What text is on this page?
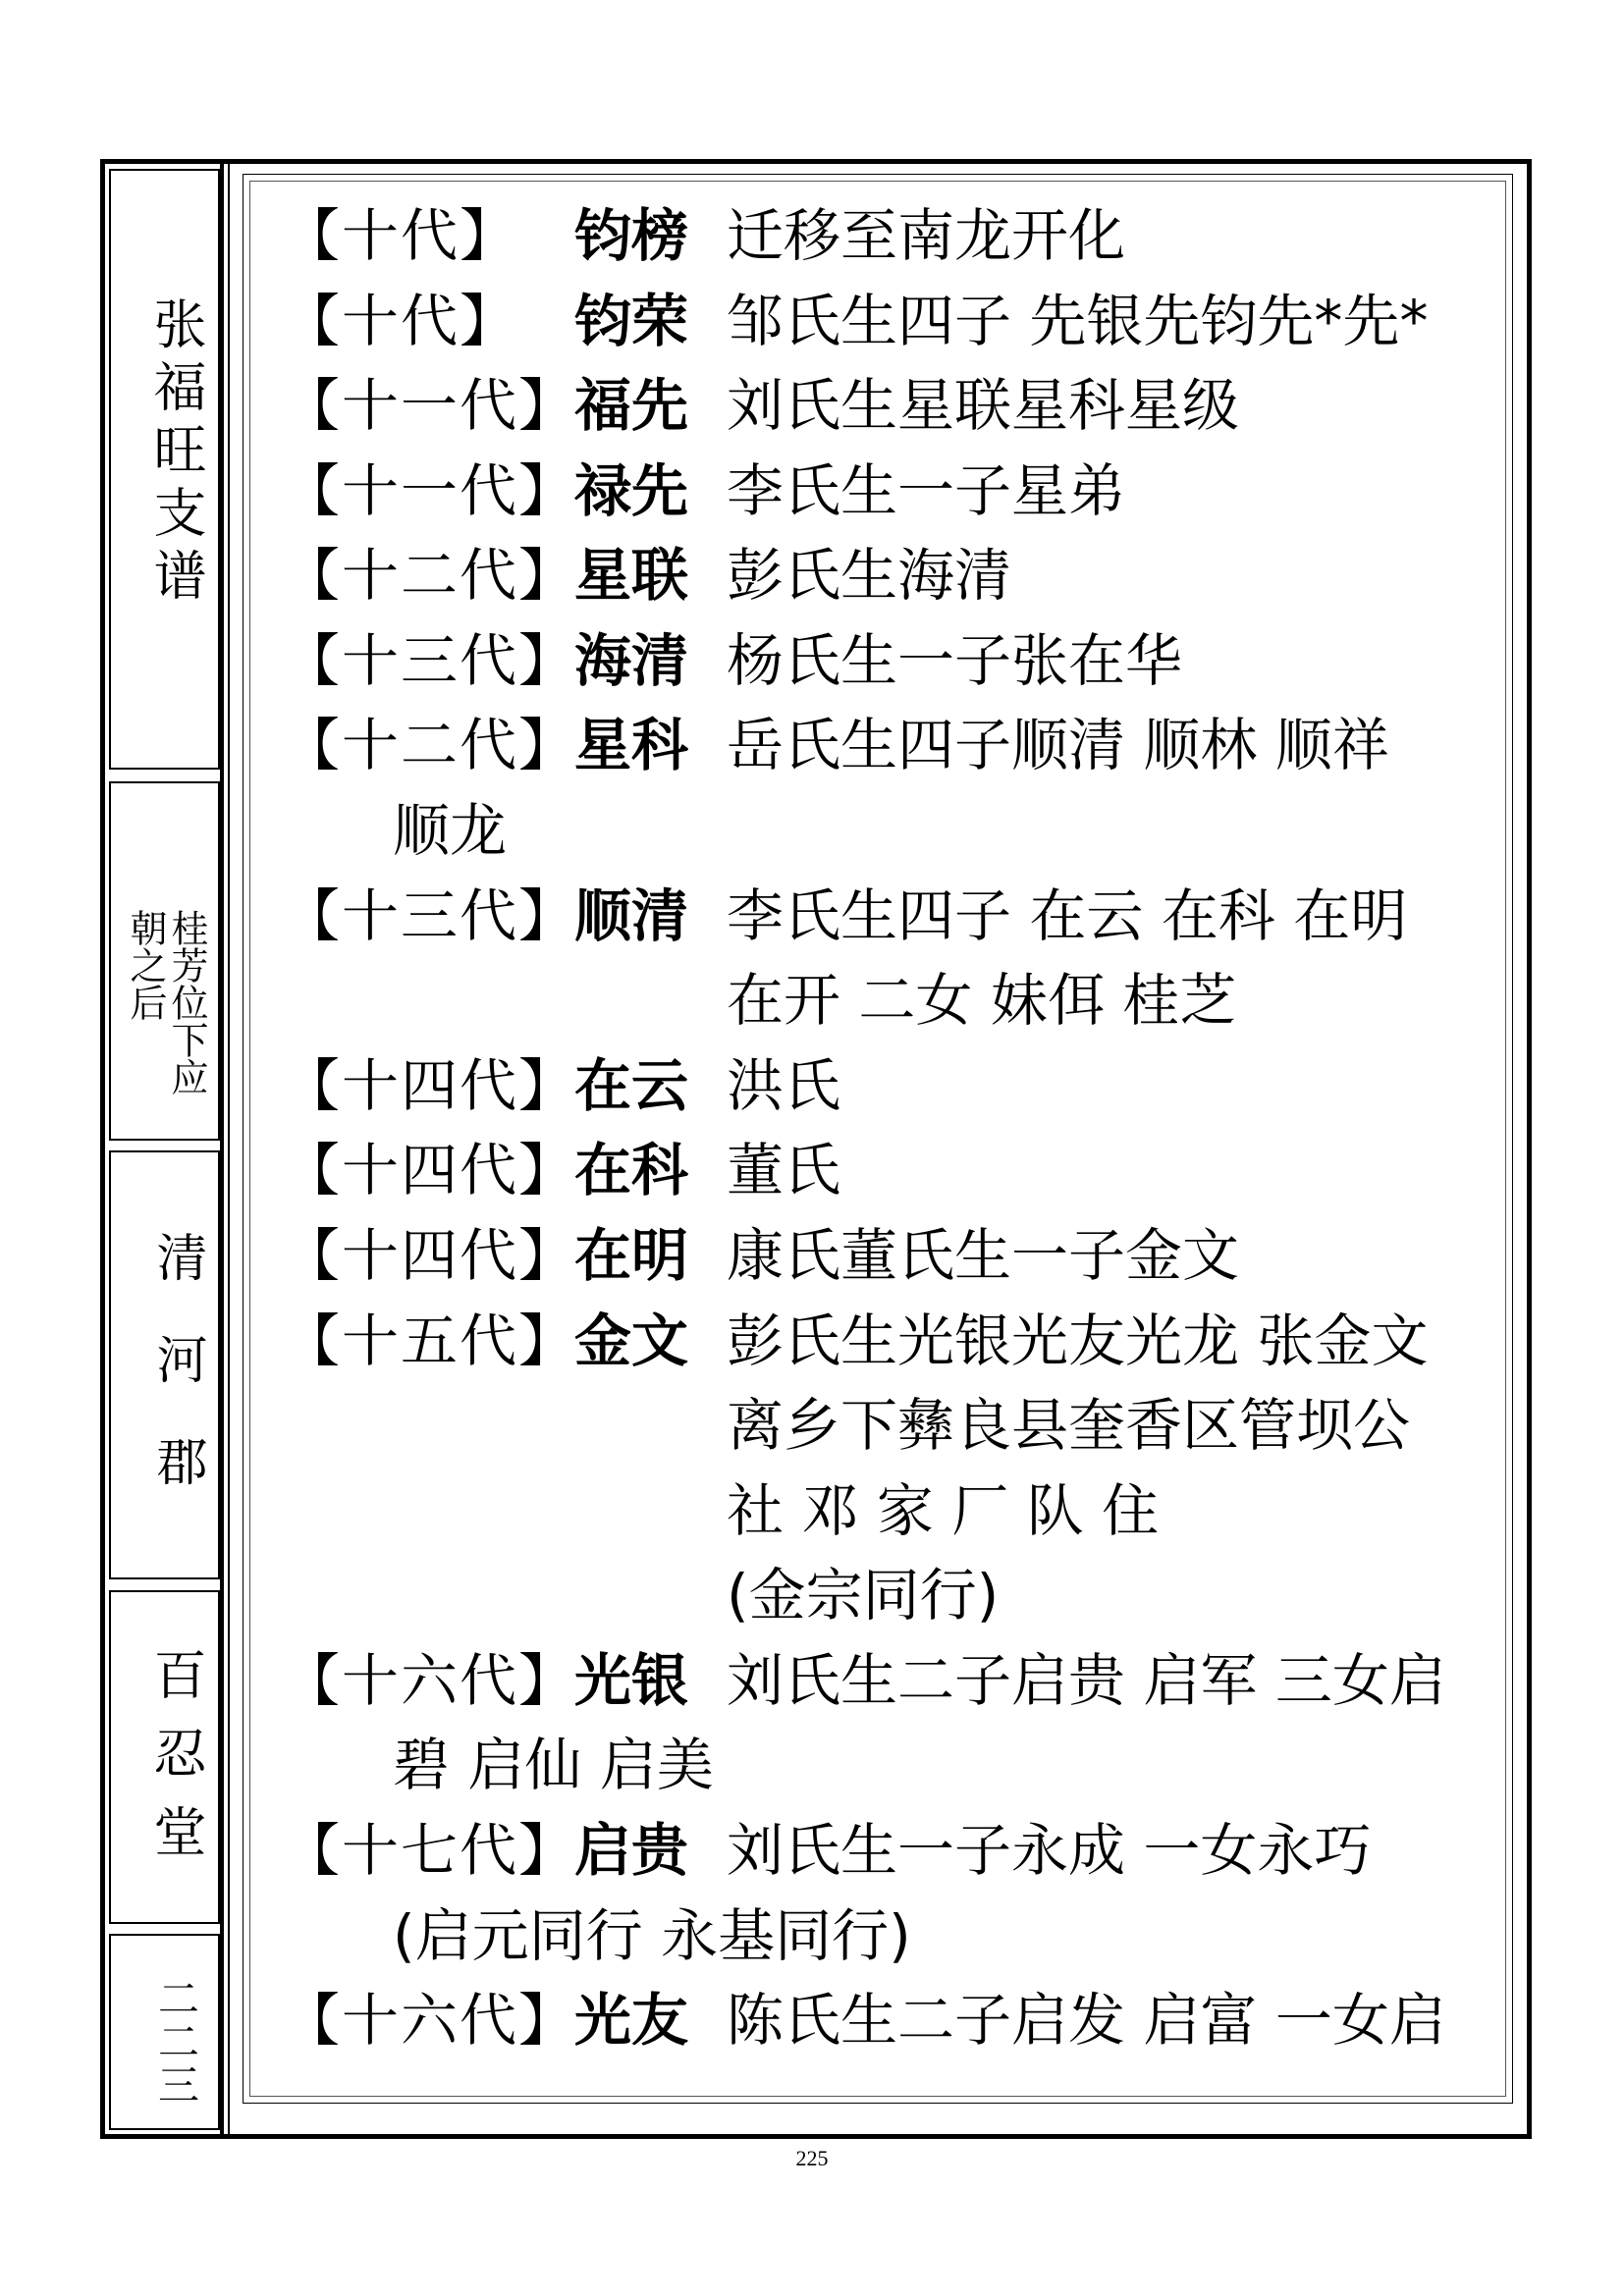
张福旺支谱
桂芳位下应朝之后
清河郡
百忍堂
二二三
【十代】 钧榜 迁移至南龙开化
【十代】 钧荣 邹氏生四子 先银先钧先*先*
【十一代】
福先 刘氏生星联星科星级
【十一代】
禄先 李氏生一子星弟
【十二代】
星联 彭氏生海清
【十三代】
海清 杨氏生一子张在华
【十二代】
星科 岳氏生四子顺清 顺林 顺祥
顺龙
【十三代】
顺清 李氏生四子 在云 在科 在明
在开 二女 妹佴 桂芝
【十四代】
在云 洪氏
【十四代】
在科 董氏
【十四代】
在明 康氏董氏生一子金文
【十五代】
金文 彭氏生光银光友光龙 张金文
离乡下彝良县奎香区管坝公
社 邓 家 厂 队 住
(金宗同行)
【十六代】
光银 刘氏生二子启贵 启军 三女启
碧 启仙 启美
【十七代】
启贵 刘氏生一子永成 一女永巧
(启元同行 永基同行)
【十六代】
光友 陈氏生二子启发 启富 一女启
225
